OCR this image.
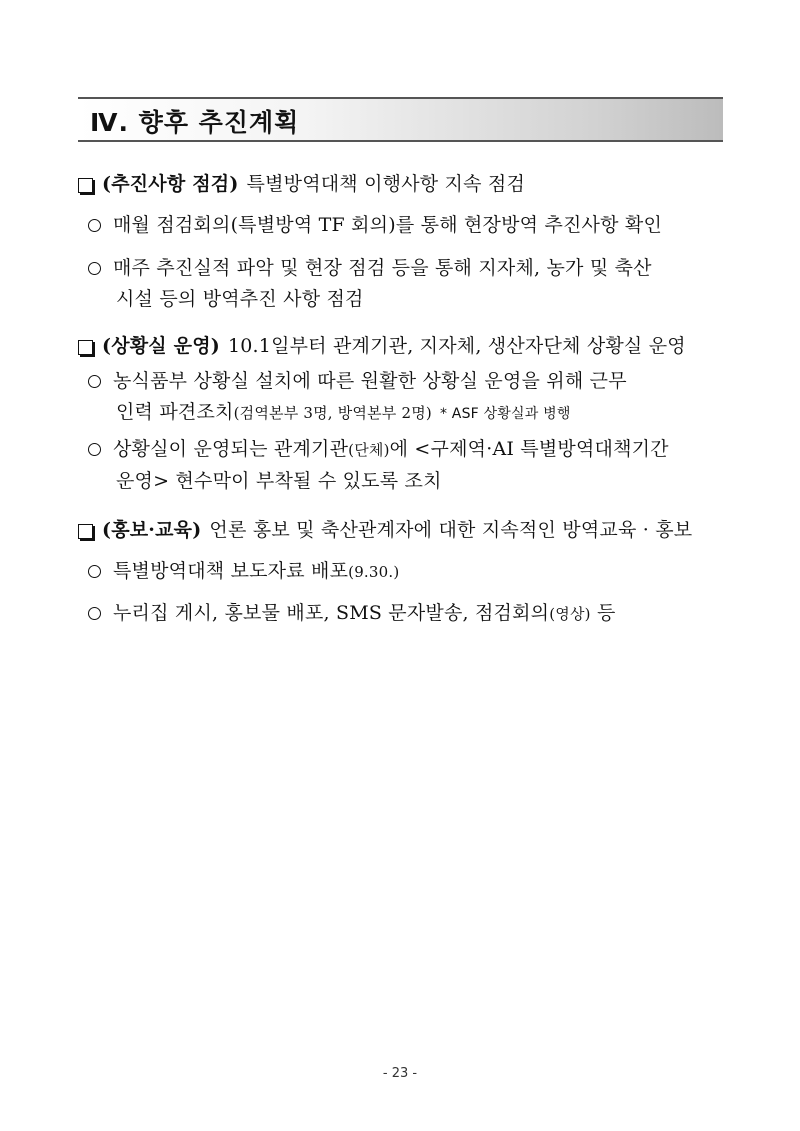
Ⅳ. 향후 추진계획
(추진사항 점검) 특별방역대책 이행사항 지속 점검
매월 점검회의(특별방역 TF 회의)를 통해 현장방역 추진사항 확인
매주 추진실적 파악 및 현장 점검 등을 통해 지자체, 농가 및 축산
시설 등의 방역추진 사항 점검
(상황실 운영) 10.1일부터 관계기관, 지자체, 생산자단체 상황실 운영
농식품부 상황실 설치에 따른 원활한 상황실 운영을 위해 근무
인력 파견조치 (검역본부 3명, 방역본부 2명) * ASF 상황실과 병행
상황실이 운영되는 관계기관 (단체) 에 <구제역·AI 특별방역대책기간
운영> 현수막이 부착될 수 있도록 조치
(홍보·교육) 언론 홍보 및 축산관계자에 대한 지속적인 방역교육 · 홍보
특별방역대책 보도자료 배포 (9.30.)
누리집 게시, 홍보물 배포, SMS 문자발송, 점검회의 (영상) 등
- 23 -
